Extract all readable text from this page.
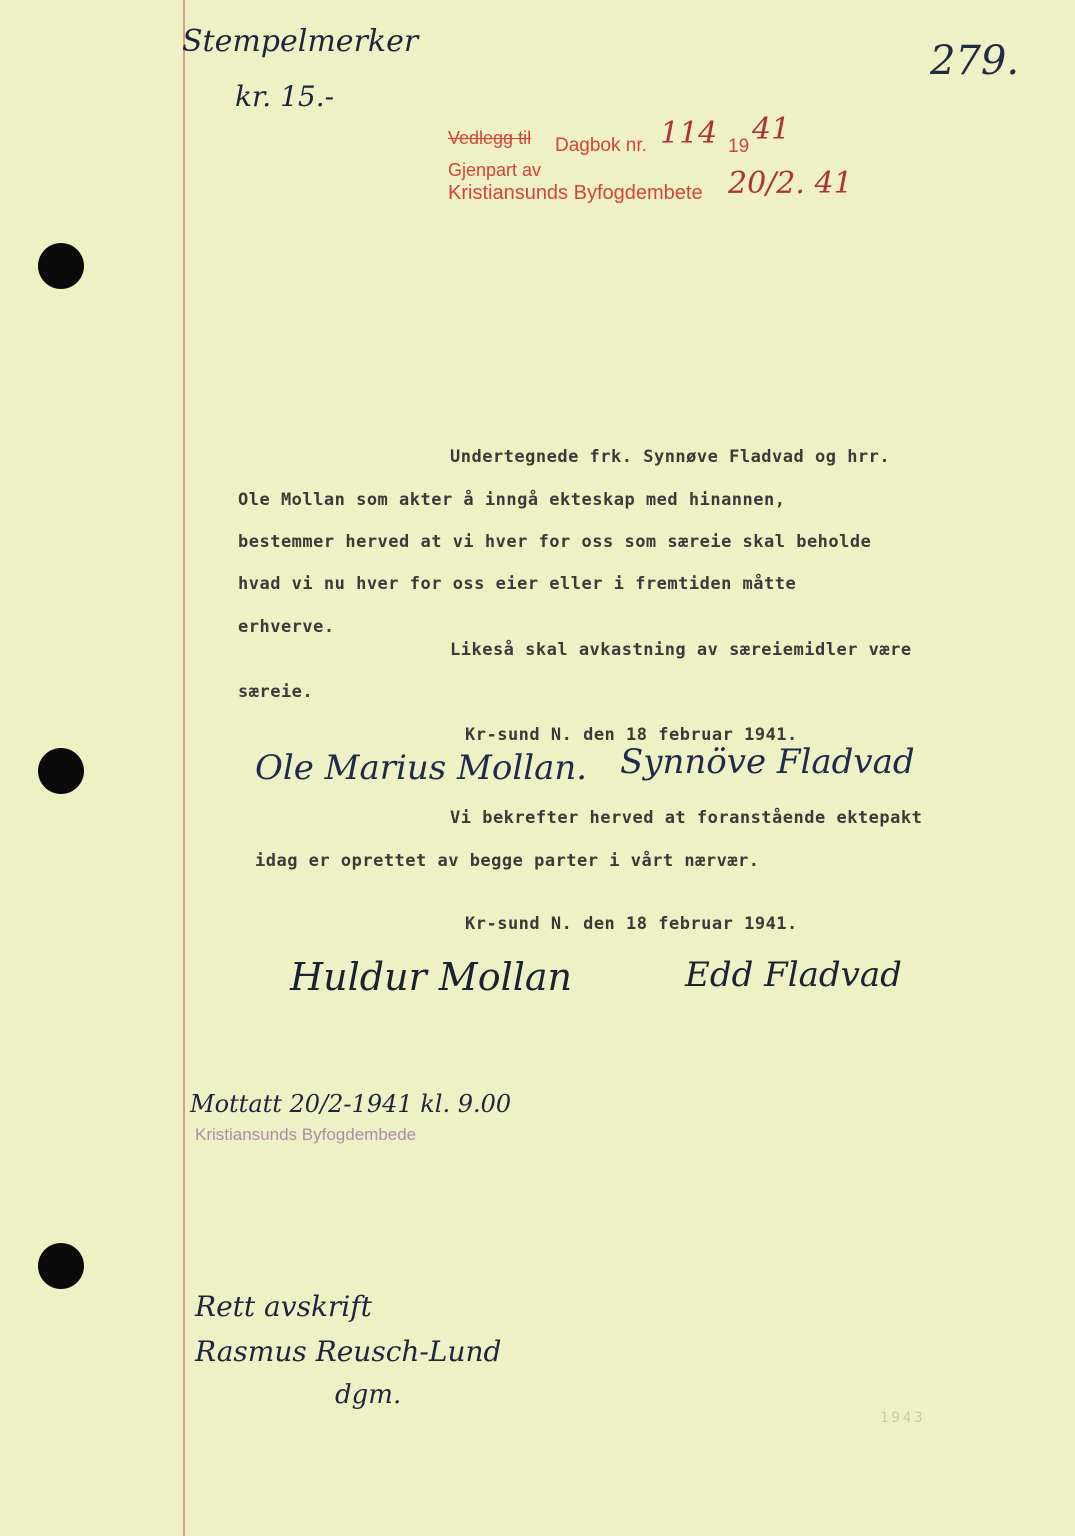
Stempelmerker
kr. 15.-
279.
Vedlegg til Dagbok nr. 114 19 41
Gjenpart av
Kristiansunds Byfogdembete 20/2. 41
Undertegnede frk. Synnøve Fladvad og hrr.
Ole Mollan som akter å inngå ekteskap med hinannen,
bestemmer herved at vi hver for oss som særeie skal beholde
hvad vi nu hver for oss eier eller i fremtiden måtte
erhverve.
Likeså skal avkastning av særeiemidler være
særeie.
Kr-sund N. den 18 februar 1941.
Ole Marius Mollan. Synnöve Fladvad
Vi bekrefter herved at foranstående ektepakt
idag er oprettet av begge parter i vårt nærvær.
Kr-sund N. den 18 februar 1941.
Huldur Mollan	Edd Fladvad
Mottatt 20/2-1941 kl. 9.00
Kristiansunds Byfogdembede
Rett avskrift
Rasmus Reusch-Lund
dgm.
1943
